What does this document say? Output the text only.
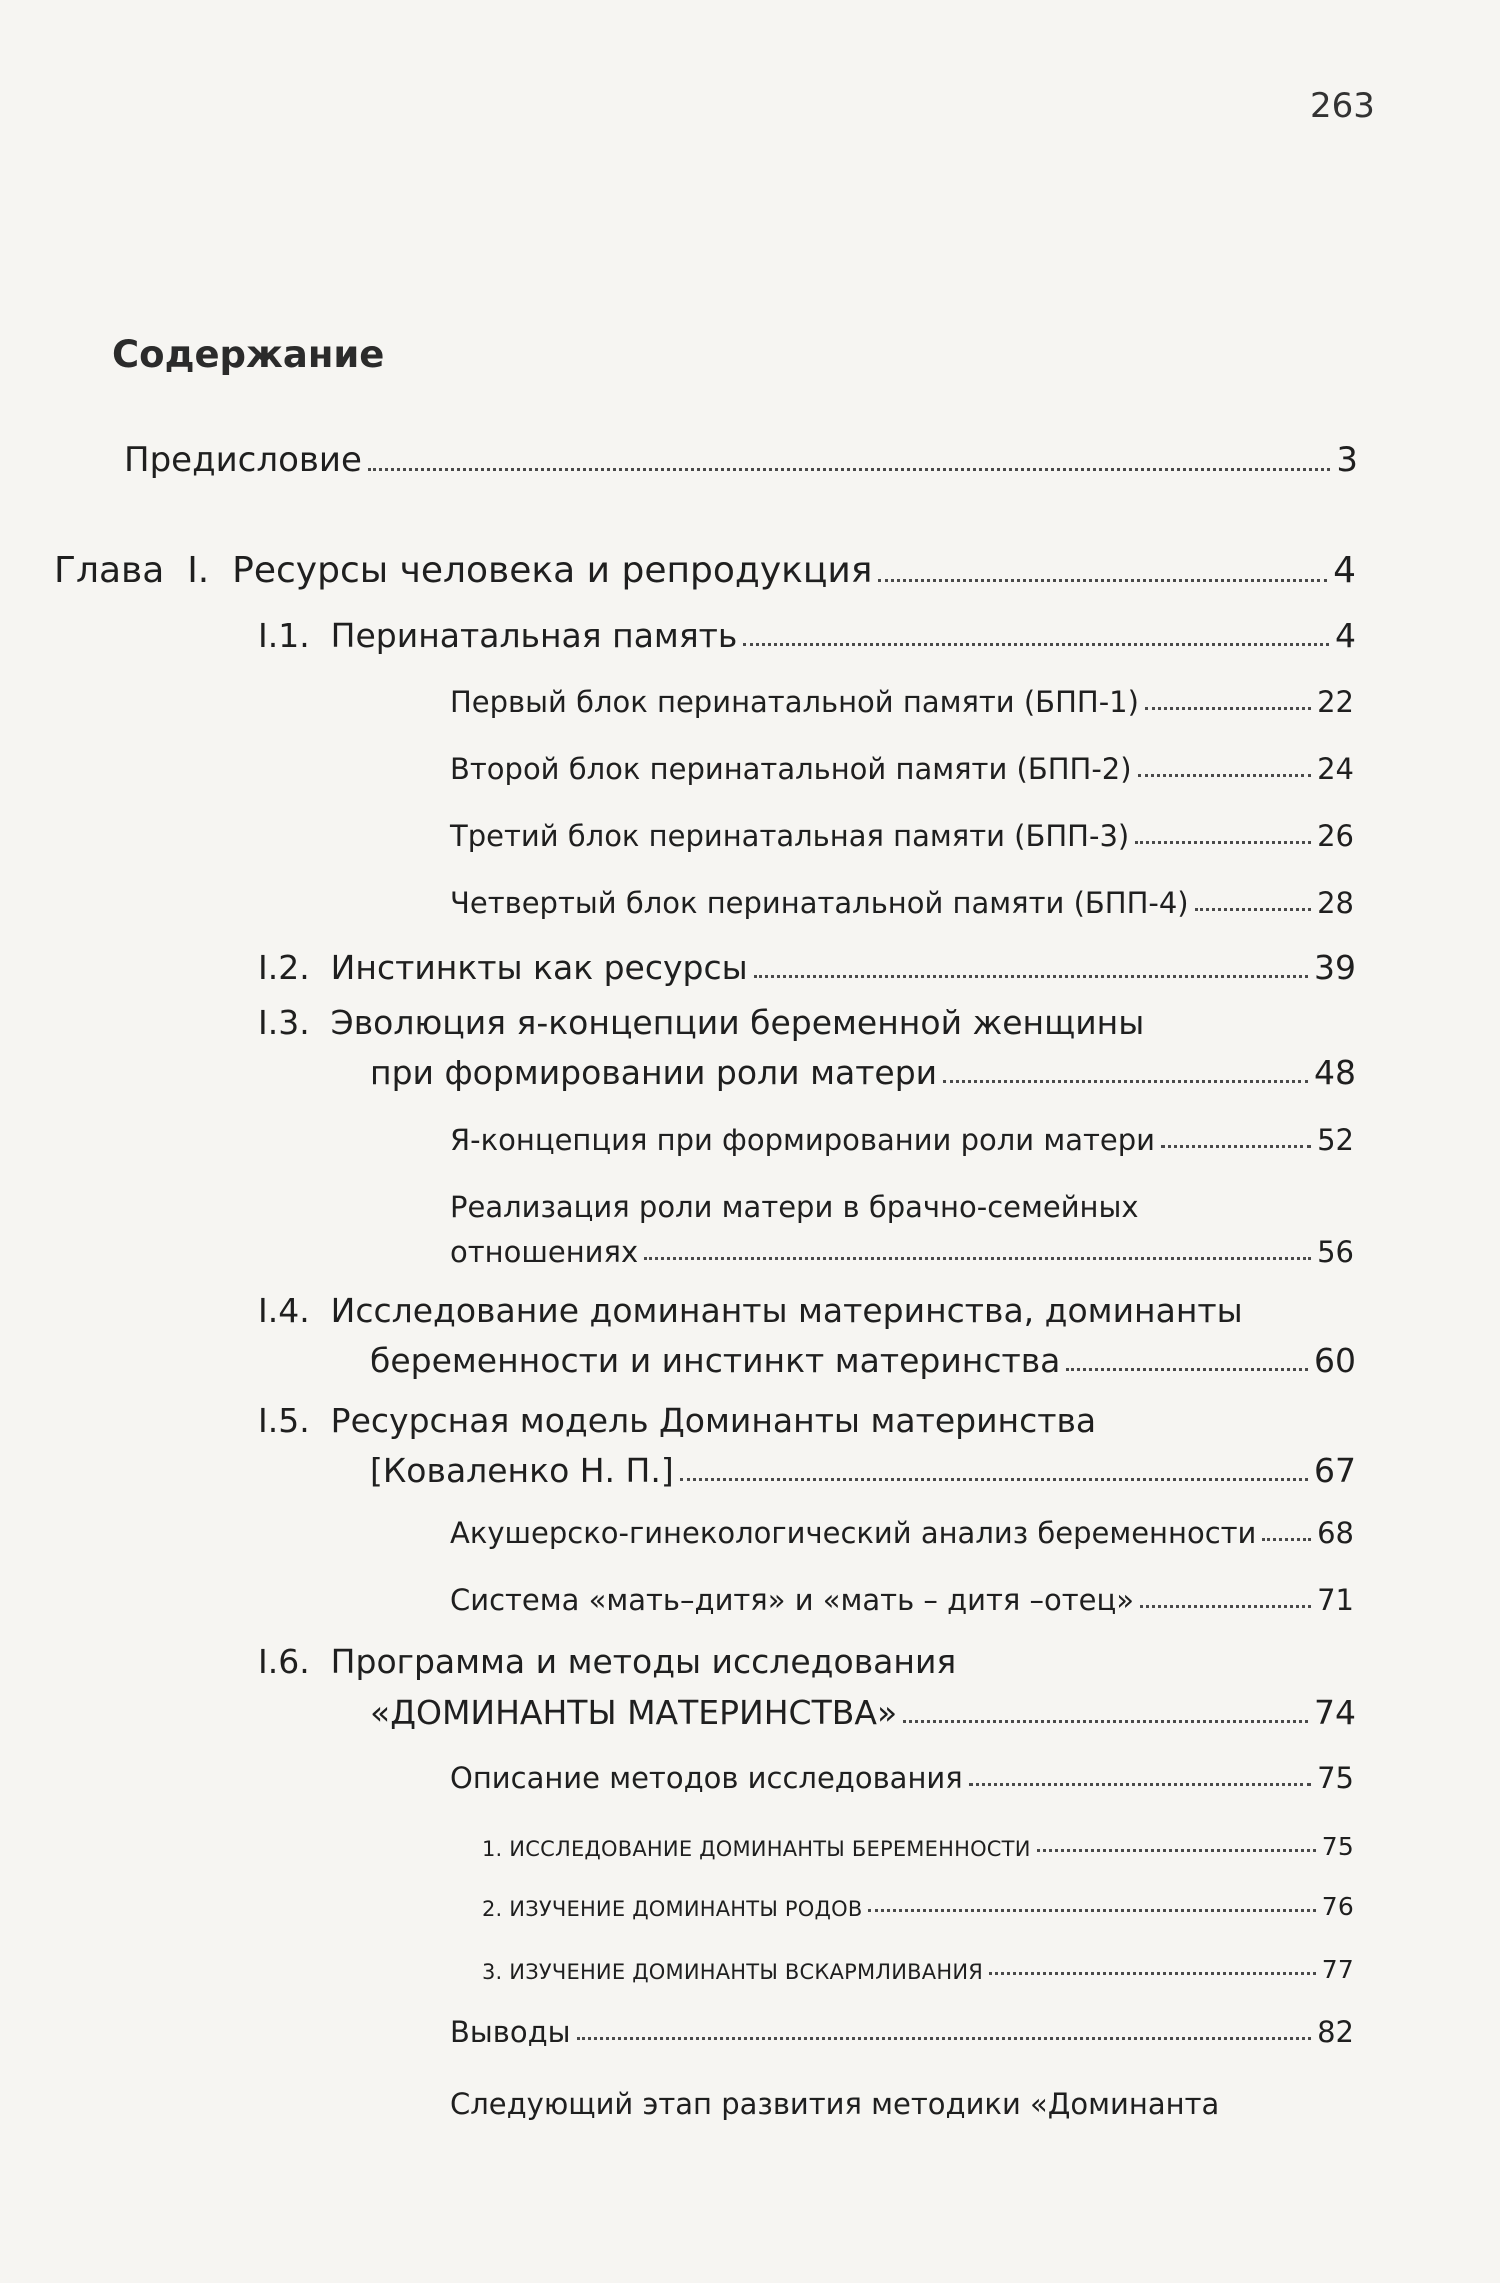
263
Содержание
Предисловие	3
Глава  I.  Ресурсы человека и репродукция	4
I.1.  Перинатальная память	4
Первый блок перинатальной памяти (БПП-1)	22
Второй блок перинатальной памяти (БПП-2)	24
Третий блок перинатальная памяти (БПП-3)	26
Четвертый блок перинатальной памяти (БПП-4)	28
I.2.  Инстинкты как ресурсы	39
I.3.  Эволюция я-концепции беременной женщины
при формировании роли матери	48
Я-концепция при формировании роли матери	52
Реализация роли матери в брачно-семейных
отношениях	56
I.4.  Исследование доминанты материнства, доминанты
беременности и инстинкт материнства	60
I.5.  Ресурсная модель Доминанты материнства
[Коваленко Н. П.]	67
Акушерско-гинекологический анализ беременности 68
Система «мать–дитя» и «мать – дитя –отец»	71
I.6.  Программа и методы исследования
«ДОМИНАНТЫ МАТЕРИНСТВА»	74
Описание методов исследования	75
1. ИССЛЕДОВАНИЕ ДОМИНАНТЫ БЕРЕМЕННОСТИ	75
2. ИЗУЧЕНИЕ ДОМИНАНТЫ РОДОВ	76
3. ИЗУЧЕНИЕ ДОМИНАНТЫ ВСКАРМЛИВАНИЯ	77
Выводы	82
Следующий этап развития методики «Доминанта
